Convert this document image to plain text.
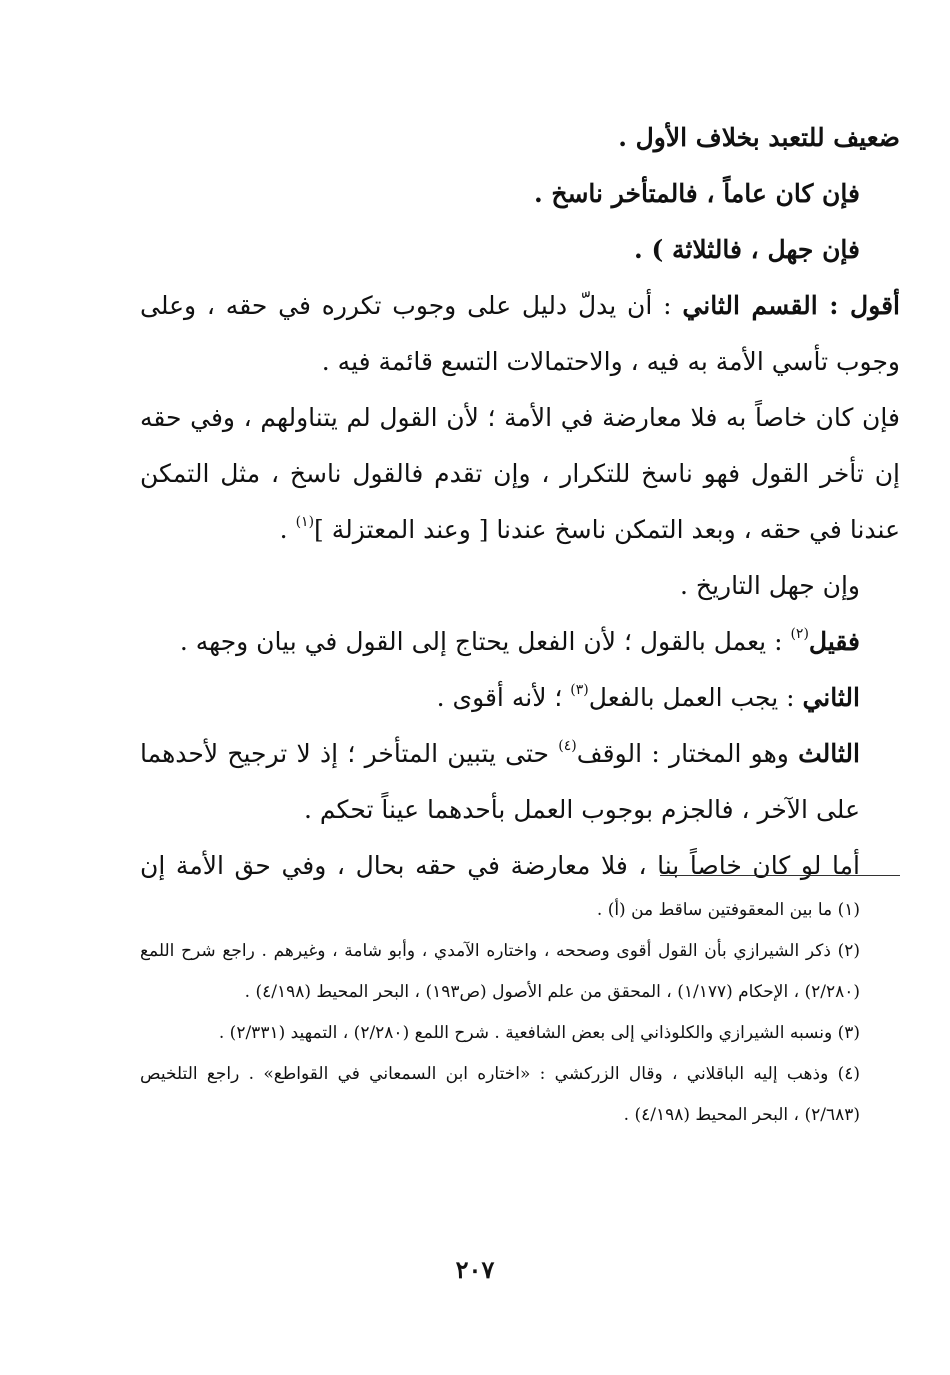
ضعيف للتعبد بخلاف الأول .

فإن كان عاماً ، فالمتأخر ناسخ .

فإن جهل ، فالثلاثة ) .

أقول : القسم الثاني : أن يدلّ دليل على وجوب تكرره في حقه ، وعلى وجوب تأسي الأمة به فيه ، والاحتمالات التسع قائمة فيه .

فإن كان خاصاً به فلا معارضة في الأمة ؛ لأن القول لم يتناولهم ، وفي حقه إن تأخر القول فهو ناسخ للتكرار ، وإن تقدم فالقول ناسخ ، مثل التمكن عندنا في حقه ، وبعد التمكن ناسخ عندنا [ وعند المعتزلة ]$^{(١)}$ .

وإن جهل التاريخ .

فقيل$^{(٢)}$ : يعمل بالقول ؛ لأن الفعل يحتاج إلى القول في بيان وجهه .

الثاني : يجب العمل بالفعل$^{(٣)}$ ؛ لأنه أقوى .

الثالث وهو المختار : الوقف$^{(٤)}$ حتى يتبين المتأخر ؛ إذ لا ترجيح لأحدهما على الآخر ، فالجزم بوجوب العمل بأحدهما عيناً تحكم .

أما لو كان خاصاً بنا ، فلا معارضة في حقه بحال ، وفي حق الأمة إن

(١) ما بين المعقوفتين ساقط من (أ) .

(٢) ذكر الشيرازي بأن القول أقوى وصححه ، واختاره الآمدي ، وأبو شامة ، وغيرهم . راجع شرح اللمع (٢/٢٨٠) ، الإحكام (١/١٧٧) ، المحقق من علم الأصول (ص١٩٣) ، البحر المحيط (٤/١٩٨) .

(٣) ونسبه الشيرازي والكلوذاني إلى بعض الشافعية . شرح اللمع (٢/٢٨٠) ، التمهيد (٢/٣٣١) .

(٤) وذهب إليه الباقلاني ، وقال الزركشي : «اختاره ابن السمعاني في القواطع» . راجع التلخيص (٢/٦٨٣) ، البحر المحيط (٤/١٩٨) .

٢٠٧
